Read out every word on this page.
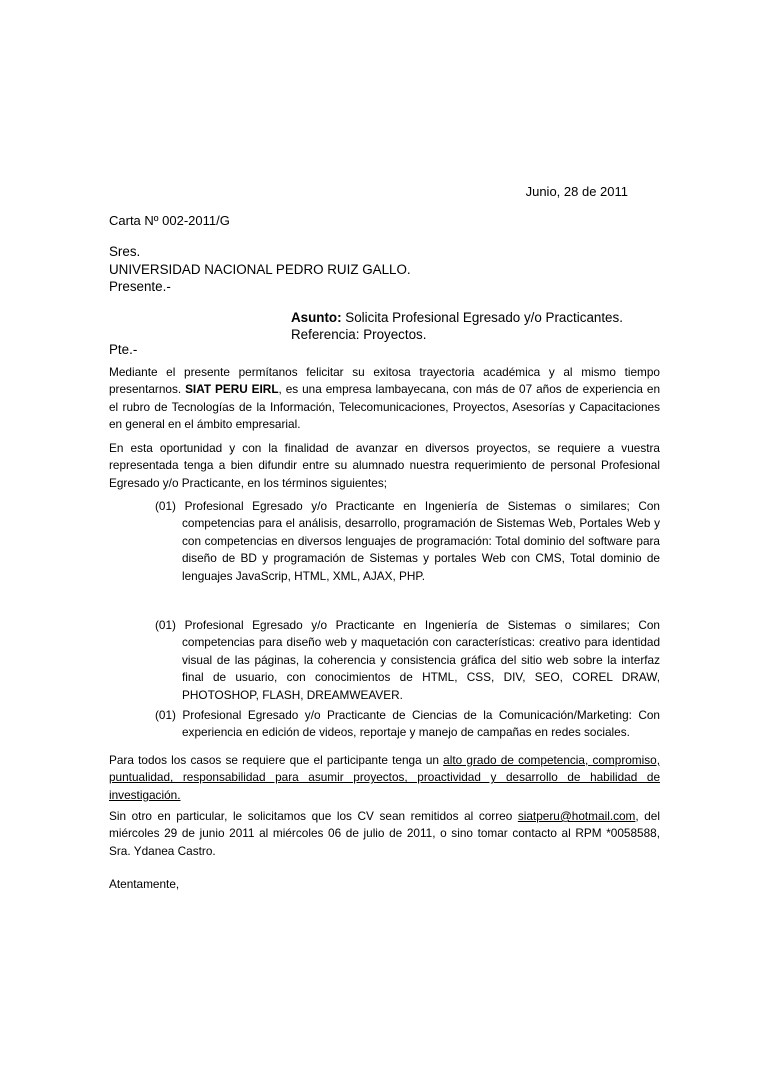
Junio, 28 de 2011
Carta Nº 002-2011/G
Sres.
UNIVERSIDAD NACIONAL PEDRO RUIZ GALLO.
Presente.-
Asunto: Solicita Profesional Egresado y/o Practicantes.
Referencia: Proyectos.
Pte.-

Mediante el presente permítanos felicitar su exitosa trayectoria académica y al mismo tiempo presentarnos. SIAT PERU EIRL, es una empresa lambayecana, con más de 07 años de experiencia en el rubro de Tecnologías de la Información, Telecomunicaciones, Proyectos, Asesorías y Capacitaciones en general en el ámbito empresarial.

En esta oportunidad y con la finalidad de avanzar en diversos proyectos, se requiere a vuestra representada tenga a bien difundir entre su alumnado nuestra requerimiento de personal Profesional Egresado y/o Practicante, en los términos siguientes;

(01) Profesional Egresado y/o Practicante en Ingeniería de Sistemas o similares; Con competencias para el análisis, desarrollo, programación de Sistemas Web, Portales Web y con competencias en diversos lenguajes de programación: Total dominio del software para diseño de BD y programación de Sistemas y portales Web con CMS, Total dominio de lenguajes JavaScrip, HTML, XML, AJAX, PHP.

(01) Profesional Egresado y/o Practicante en Ingeniería de Sistemas o similares; Con competencias para diseño web y maquetación con características: creativo para identidad visual de las páginas, la coherencia y consistencia gráfica del sitio web sobre la interfaz final de usuario, con conocimientos de HTML, CSS, DIV, SEO, COREL DRAW, PHOTOSHOP, FLASH, DREAMWEAVER.

(01) Profesional Egresado y/o Practicante de Ciencias de la Comunicación/Marketing: Con experiencia en edición de videos, reportaje y manejo de campañas en redes sociales.

Para todos los casos se requiere que el participante tenga un alto grado de competencia, compromiso, puntualidad, responsabilidad para asumir proyectos, proactividad y desarrollo de habilidad de investigación.

Sin otro en particular, le solicitamos que los CV sean remitidos al correo siatperu@hotmail.com, del miércoles 29 de junio 2011 al miércoles 06 de julio de 2011, o sino tomar contacto al RPM *0058588, Sra. Ydanea Castro.

Atentamente,
